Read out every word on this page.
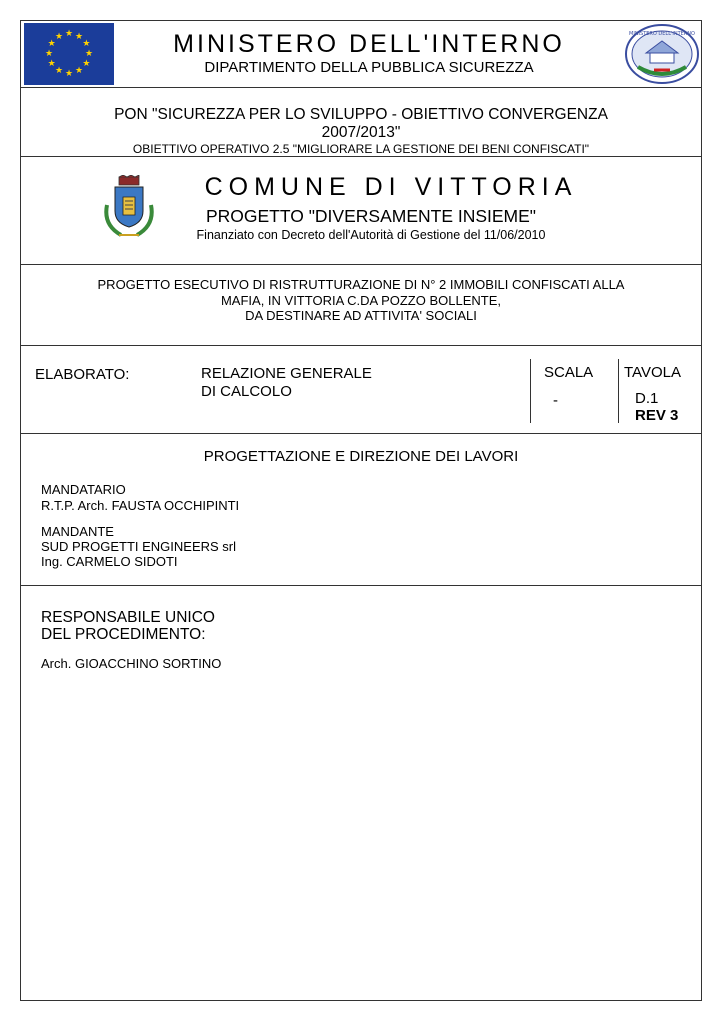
★ ★
★
★
★
★
★
★
★
★
★
★	MINISTERO DELL'INTERNO
DIPARTIMENTO DELLA PUBBLICA SICUREZZA
MINISTERO DELL'INTERNO
PON "SICUREZZA PER LO SVILUPPO - OBIETTIVO CONVERGENZA
2007/2013"
OBIETTIVO OPERATIVO 2.5 "MIGLIORARE LA GESTIONE DEI BENI CONFISCATI"
COMUNE DI VITTORIA
PROGETTO "DIVERSAMENTE INSIEME"
Finanziato con Decreto dell'Autorità di Gestione del 11/06/2010
PROGETTO ESECUTIVO DI RISTRUTTURAZIONE DI N° 2 IMMOBILI CONFISCATI ALLA
MAFIA, IN VITTORIA C.DA POZZO BOLLENTE,
DA DESTINARE AD ATTIVITA' SOCIALI
ELABORATO:	RELAZIONE GENERALE
DI CALCOLO
SCALA
-
TAVOLA
D.1
REV 3
PROGETTAZIONE E DIREZIONE DEI LAVORI
MANDATARIO
R.T.P. Arch. FAUSTA OCCHIPINTI
MANDANTE
SUD PROGETTI ENGINEERS srl
Ing. CARMELO SIDOTI
RESPONSABILE UNICO
DEL PROCEDIMENTO:
Arch. GIOACCHINO SORTINO
